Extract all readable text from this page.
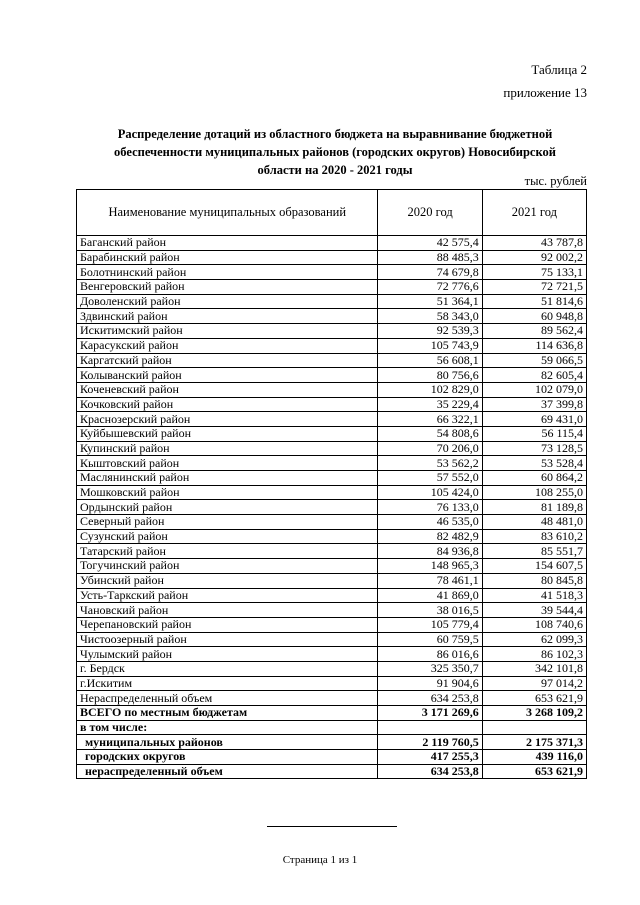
Таблица 2
приложение 13
Распределение дотаций из областного бюджета на выравнивание бюджетной обеспеченности муниципальных районов (городских округов) Новосибирской области на 2020 - 2021 годы
тыс. рублей
Наименование муниципальных образований	2020 год	2021 год
Баганский район	42 575,4	43 787,8
Барабинский район	88 485,3	92 002,2
Болотнинский район	74 679,8	75 133,1
Венгеровский район	72 776,6	72 721,5
Доволенский район	51 364,1	51 814,6
Здвинский район	58 343,0	60 948,8
Искитимский район	92 539,3	89 562,4
Карасукский район	105 743,9	114 636,8
Каргатский район	56 608,1	59 066,5
Колыванский район	80 756,6	82 605,4
Коченевский район	102 829,0	102 079,0
Кочковский район	35 229,4	37 399,8
Краснозерский район	66 322,1	69 431,0
Куйбышевский район	54 808,6	56 115,4
Купинский район	70 206,0	73 128,5
Кыштовский район	53 562,2	53 528,4
Маслянинский район	57 552,0	60 864,2
Мошковский район	105 424,0	108 255,0
Ордынский район	76 133,0	81 189,8
Северный район	46 535,0	48 481,0
Сузунский район	82 482,9	83 610,2
Татарский район	84 936,8	85 551,7
Тогучинский район	148 965,3	154 607,5
Убинский район	78 461,1	80 845,8
Усть-Таркский район	41 869,0	41 518,3
Чановский район	38 016,5	39 544,4
Черепановский район	105 779,4	108 740,6
Чистоозерный район	60 759,5	62 099,3
Чулымский район	86 016,6	86 102,3
г. Бердск	325 350,7	342 101,8
г.Искитим	91 904,6	97 014,2
Нераспределенный объем	634 253,8	653 621,9
ВСЕГО по местным бюджетам	3 171 269,6	3 268 109,2
в том числе:		
муниципальных районов	2 119 760,5	2 175 371,3
городских округов	417 255,3	439 116,0
нераспределенный объем	634 253,8	653 621,9
Страница 1 из 1
